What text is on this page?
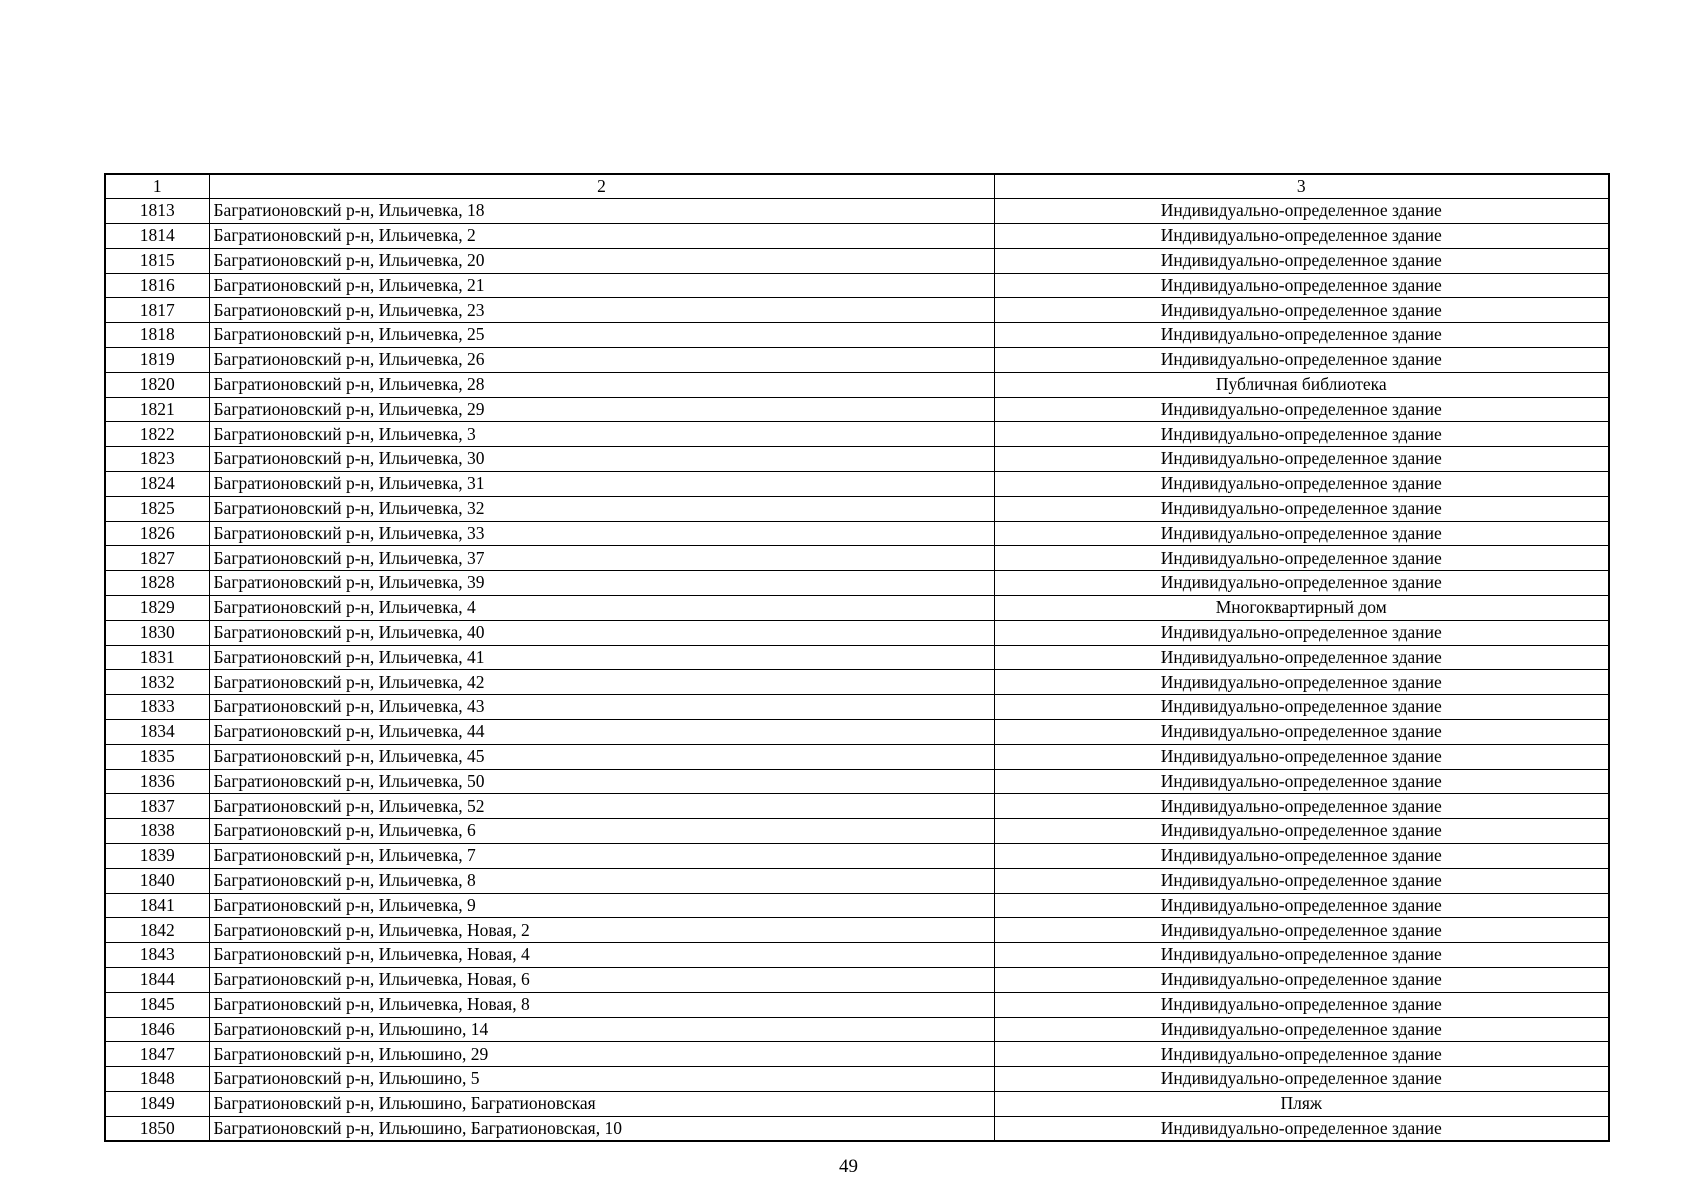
1	2	3
1813	Багратионовский р-н, Ильичевка, 18	Индивидуально-определенное здание
1814	Багратионовский р-н, Ильичевка, 2	Индивидуально-определенное здание
1815	Багратионовский р-н, Ильичевка, 20	Индивидуально-определенное здание
1816	Багратионовский р-н, Ильичевка, 21	Индивидуально-определенное здание
1817	Багратионовский р-н, Ильичевка, 23	Индивидуально-определенное здание
1818	Багратионовский р-н, Ильичевка, 25	Индивидуально-определенное здание
1819	Багратионовский р-н, Ильичевка, 26	Индивидуально-определенное здание
1820	Багратионовский р-н, Ильичевка, 28	Публичная библиотека
1821	Багратионовский р-н, Ильичевка, 29	Индивидуально-определенное здание
1822	Багратионовский р-н, Ильичевка, 3	Индивидуально-определенное здание
1823	Багратионовский р-н, Ильичевка, 30	Индивидуально-определенное здание
1824	Багратионовский р-н, Ильичевка, 31	Индивидуально-определенное здание
1825	Багратионовский р-н, Ильичевка, 32	Индивидуально-определенное здание
1826	Багратионовский р-н, Ильичевка, 33	Индивидуально-определенное здание
1827	Багратионовский р-н, Ильичевка, 37	Индивидуально-определенное здание
1828	Багратионовский р-н, Ильичевка, 39	Индивидуально-определенное здание
1829	Багратионовский р-н, Ильичевка, 4	Многоквартирный дом
1830	Багратионовский р-н, Ильичевка, 40	Индивидуально-определенное здание
1831	Багратионовский р-н, Ильичевка, 41	Индивидуально-определенное здание
1832	Багратионовский р-н, Ильичевка, 42	Индивидуально-определенное здание
1833	Багратионовский р-н, Ильичевка, 43	Индивидуально-определенное здание
1834	Багратионовский р-н, Ильичевка, 44	Индивидуально-определенное здание
1835	Багратионовский р-н, Ильичевка, 45	Индивидуально-определенное здание
1836	Багратионовский р-н, Ильичевка, 50	Индивидуально-определенное здание
1837	Багратионовский р-н, Ильичевка, 52	Индивидуально-определенное здание
1838	Багратионовский р-н, Ильичевка, 6	Индивидуально-определенное здание
1839	Багратионовский р-н, Ильичевка, 7	Индивидуально-определенное здание
1840	Багратионовский р-н, Ильичевка, 8	Индивидуально-определенное здание
1841	Багратионовский р-н, Ильичевка, 9	Индивидуально-определенное здание
1842	Багратионовский р-н, Ильичевка, Новая, 2	Индивидуально-определенное здание
1843	Багратионовский р-н, Ильичевка, Новая, 4	Индивидуально-определенное здание
1844	Багратионовский р-н, Ильичевка, Новая, 6	Индивидуально-определенное здание
1845	Багратионовский р-н, Ильичевка, Новая, 8	Индивидуально-определенное здание
1846	Багратионовский р-н, Ильюшино, 14	Индивидуально-определенное здание
1847	Багратионовский р-н, Ильюшино, 29	Индивидуально-определенное здание
1848	Багратионовский р-н, Ильюшино, 5	Индивидуально-определенное здание
1849	Багратионовский р-н, Ильюшино, Багратионовская	Пляж
1850	Багратионовский р-н, Ильюшино, Багратионовская, 10	Индивидуально-определенное здание
49
